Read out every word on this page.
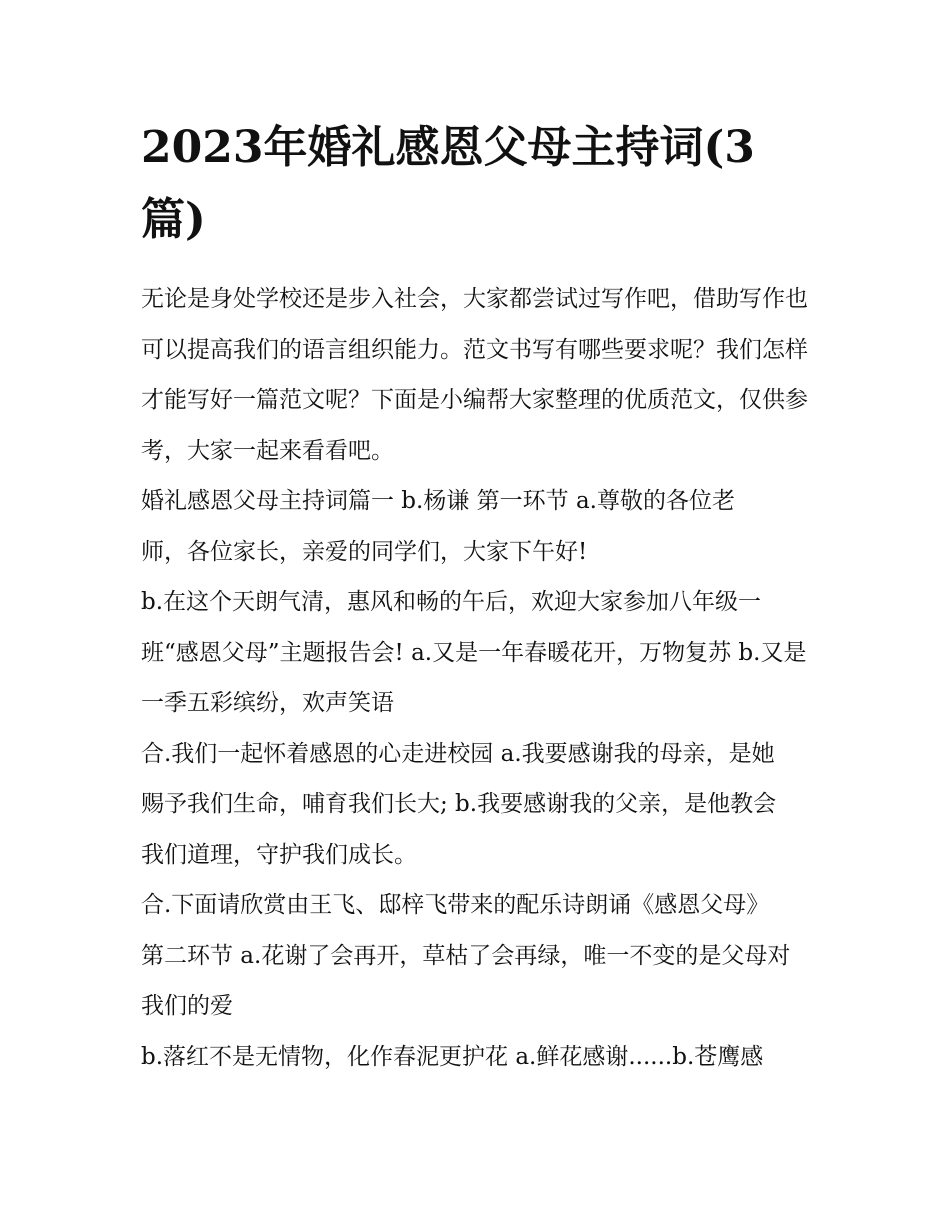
2023年婚礼感恩父母主持词(3篇)

无论是身处学校还是步入社会，大家都尝试过写作吧，借助写作也可以提高我们的语言组织能力。范文书写有哪些要求呢？我们怎样才能写好一篇范文呢？下面是小编帮大家整理的优质范文，仅供参考，大家一起来看看吧。

婚礼感恩父母主持词篇一 b.杨谦 第一环节 a.尊敬的各位老师，各位家长，亲爱的同学们，大家下午好!

b.在这个天朗气清，惠风和畅的午后，欢迎大家参加八年级一班“感恩父母”主题报告会! a.又是一年春暖花开，万物复苏 b.又是一季五彩缤纷，欢声笑语

合.我们一起怀着感恩的心走进校园 a.我要感谢我的母亲，是她赐予我们生命，哺育我们长大; b.我要感谢我的父亲，是他教会我们道理，守护我们成长。

合.下面请欣赏由王飞、邸梓飞带来的配乐诗朗诵《感恩父母》 第二环节 a.花谢了会再开，草枯了会再绿，唯一不变的是父母对我们的爱

b.落红不是无情物，化作春泥更护花 a.鲜花感谢......b.苍鹰感
